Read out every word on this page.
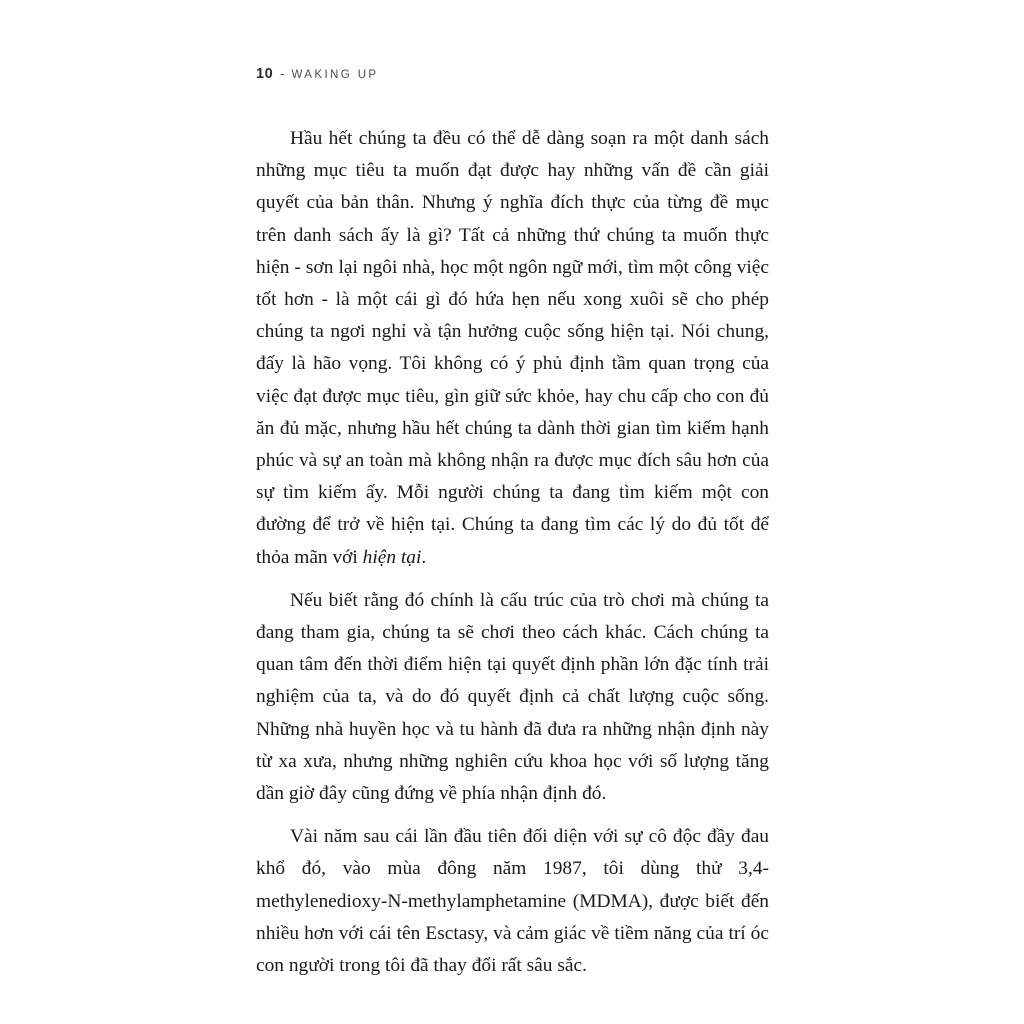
10 - WAKING UP

Hầu hết chúng ta đều có thể dễ dàng soạn ra một danh sách những mục tiêu ta muốn đạt được hay những vấn đề cần giải quyết của bản thân. Nhưng ý nghĩa đích thực của từng đề mục trên danh sách ấy là gì? Tất cả những thứ chúng ta muốn thực hiện - sơn lại ngôi nhà, học một ngôn ngữ mới, tìm một công việc tốt hơn - là một cái gì đó hứa hẹn nếu xong xuôi sẽ cho phép chúng ta ngơi nghỉ và tận hưởng cuộc sống hiện tại. Nói chung, đấy là hão vọng. Tôi không có ý phủ định tầm quan trọng của việc đạt được mục tiêu, gìn giữ sức khỏe, hay chu cấp cho con đủ ăn đủ mặc, nhưng hầu hết chúng ta dành thời gian tìm kiếm hạnh phúc và sự an toàn mà không nhận ra được mục đích sâu hơn của sự tìm kiếm ấy. Mỗi người chúng ta đang tìm kiếm một con đường để trở về hiện tại. Chúng ta đang tìm các lý do đủ tốt để thỏa mãn với hiện tại.

Nếu biết rằng đó chính là cấu trúc của trò chơi mà chúng ta đang tham gia, chúng ta sẽ chơi theo cách khác. Cách chúng ta quan tâm đến thời điểm hiện tại quyết định phần lớn đặc tính trải nghiệm của ta, và do đó quyết định cả chất lượng cuộc sống. Những nhà huyền học và tu hành đã đưa ra những nhận định này từ xa xưa, nhưng những nghiên cứu khoa học với số lượng tăng dần giờ đây cũng đứng về phía nhận định đó.

Vài năm sau cái lần đầu tiên đối diện với sự cô độc đầy đau khổ đó, vào mùa đông năm 1987, tôi dùng thử 3,4-methylenedioxy-N-methylamphetamine (MDMA), được biết đến nhiều hơn với cái tên Esctasy, và cảm giác về tiềm năng của trí óc con người trong tôi đã thay đổi rất sâu sắc.
